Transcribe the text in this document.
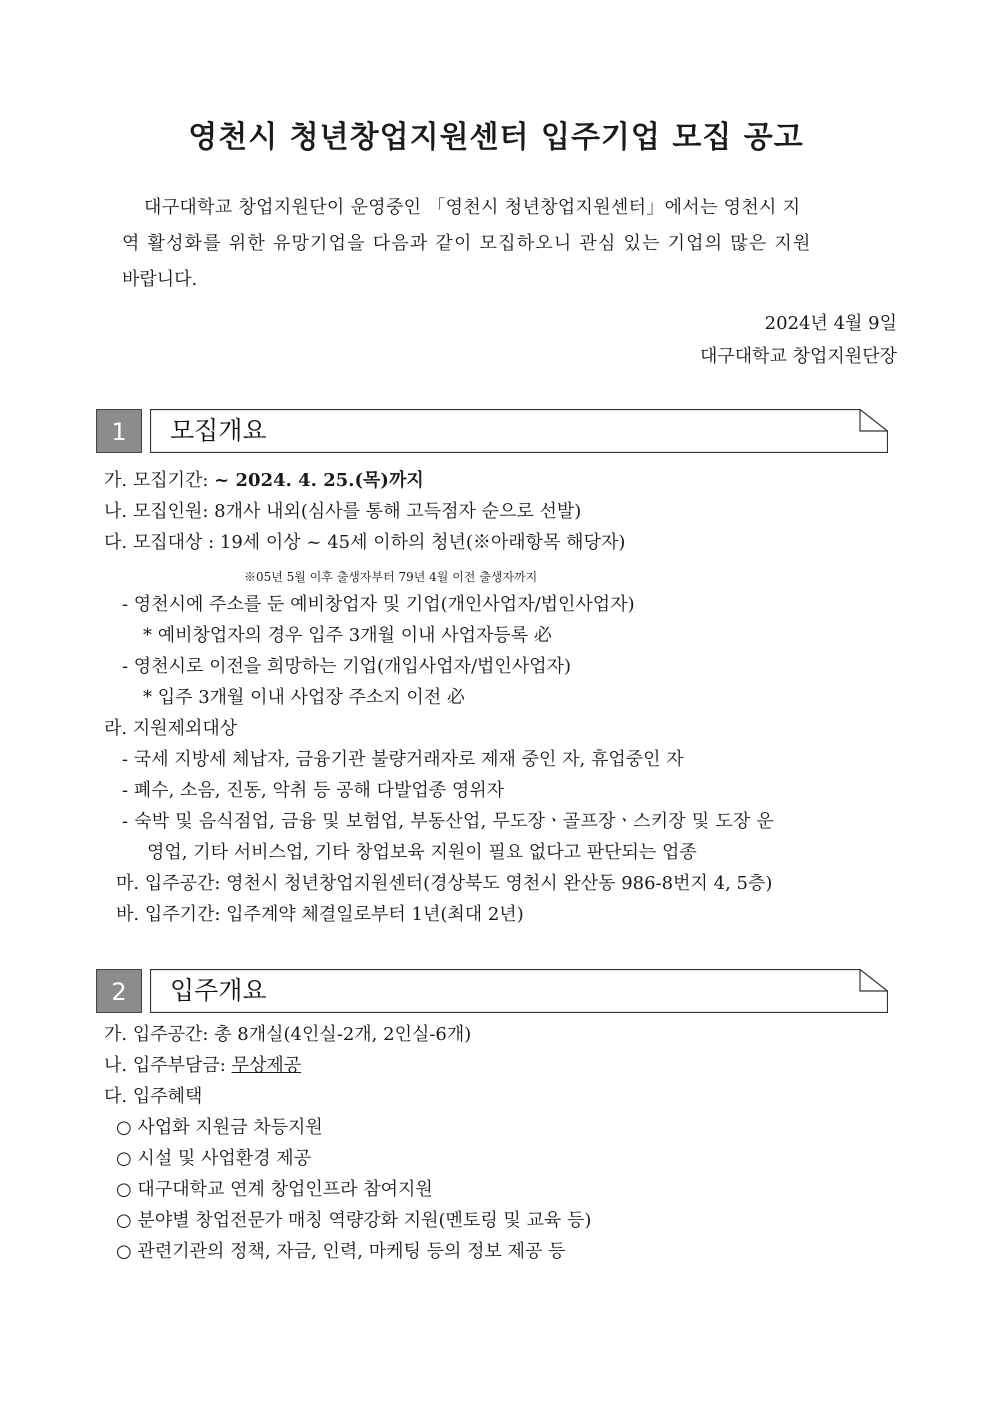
영천시 청년창업지원센터 입주기업 모집 공고
대구대학교 창업지원단이 운영중인 「영천시 청년창업지원센터」에서는 영천시 지
역 활성화를 위한 유망기업을 다음과 같이 모집하오니 관심 있는 기업의 많은 지원
바랍니다.
2024년 4월 9일
대구대학교 창업지원단장
1	모집개요
가. 모집기간: ~ 2024. 4. 25.(목)까지
나. 모집인원: 8개사 내외(심사를 통해 고득점자 순으로 선발)
다. 모집대상 : 19세 이상 ~ 45세 이하의 청년(※아래항목 해당자)
※05년 5월 이후 출생자부터 79년 4월 이전 출생자까지
- 영천시에 주소를 둔 예비창업자 및 기업(개인사업자/법인사업자)
* 예비창업자의 경우 입주 3개월 이내 사업자등록 必
- 영천시로 이전을 희망하는 기업(개입사업자/법인사업자)
* 입주 3개월 이내 사업장 주소지 이전 必
라. 지원제외대상
- 국세 지방세 체납자, 금융기관 불량거래자로 제재 중인 자, 휴업중인 자
- 폐수, 소음, 진동, 악취 등 공해 다발업종 영위자
- 숙박 및 음식점업, 금융 및 보험업, 부동산업, 무도장ㆍ골프장ㆍ스키장 및 도장 운
영업, 기타 서비스업, 기타 창업보육 지원이 필요 없다고 판단되는 업종
마. 입주공간: 영천시 청년창업지원센터(경상북도 영천시 완산동 986-8번지 4, 5층)
바. 입주기간: 입주계약 체결일로부터 1년(최대 2년)
2	입주개요
가. 입주공간: 총 8개실(4인실-2개, 2인실-6개)
나. 입주부담금: 무상제공
다. 입주혜택
○ 사업화 지원금 차등지원
○ 시설 및 사업환경 제공
○ 대구대학교 연계 창업인프라 참여지원
○ 분야별 창업전문가 매칭 역량강화 지원(멘토링 및 교육 등)
○ 관련기관의 정책, 자금, 인력, 마케팅 등의 정보 제공 등
